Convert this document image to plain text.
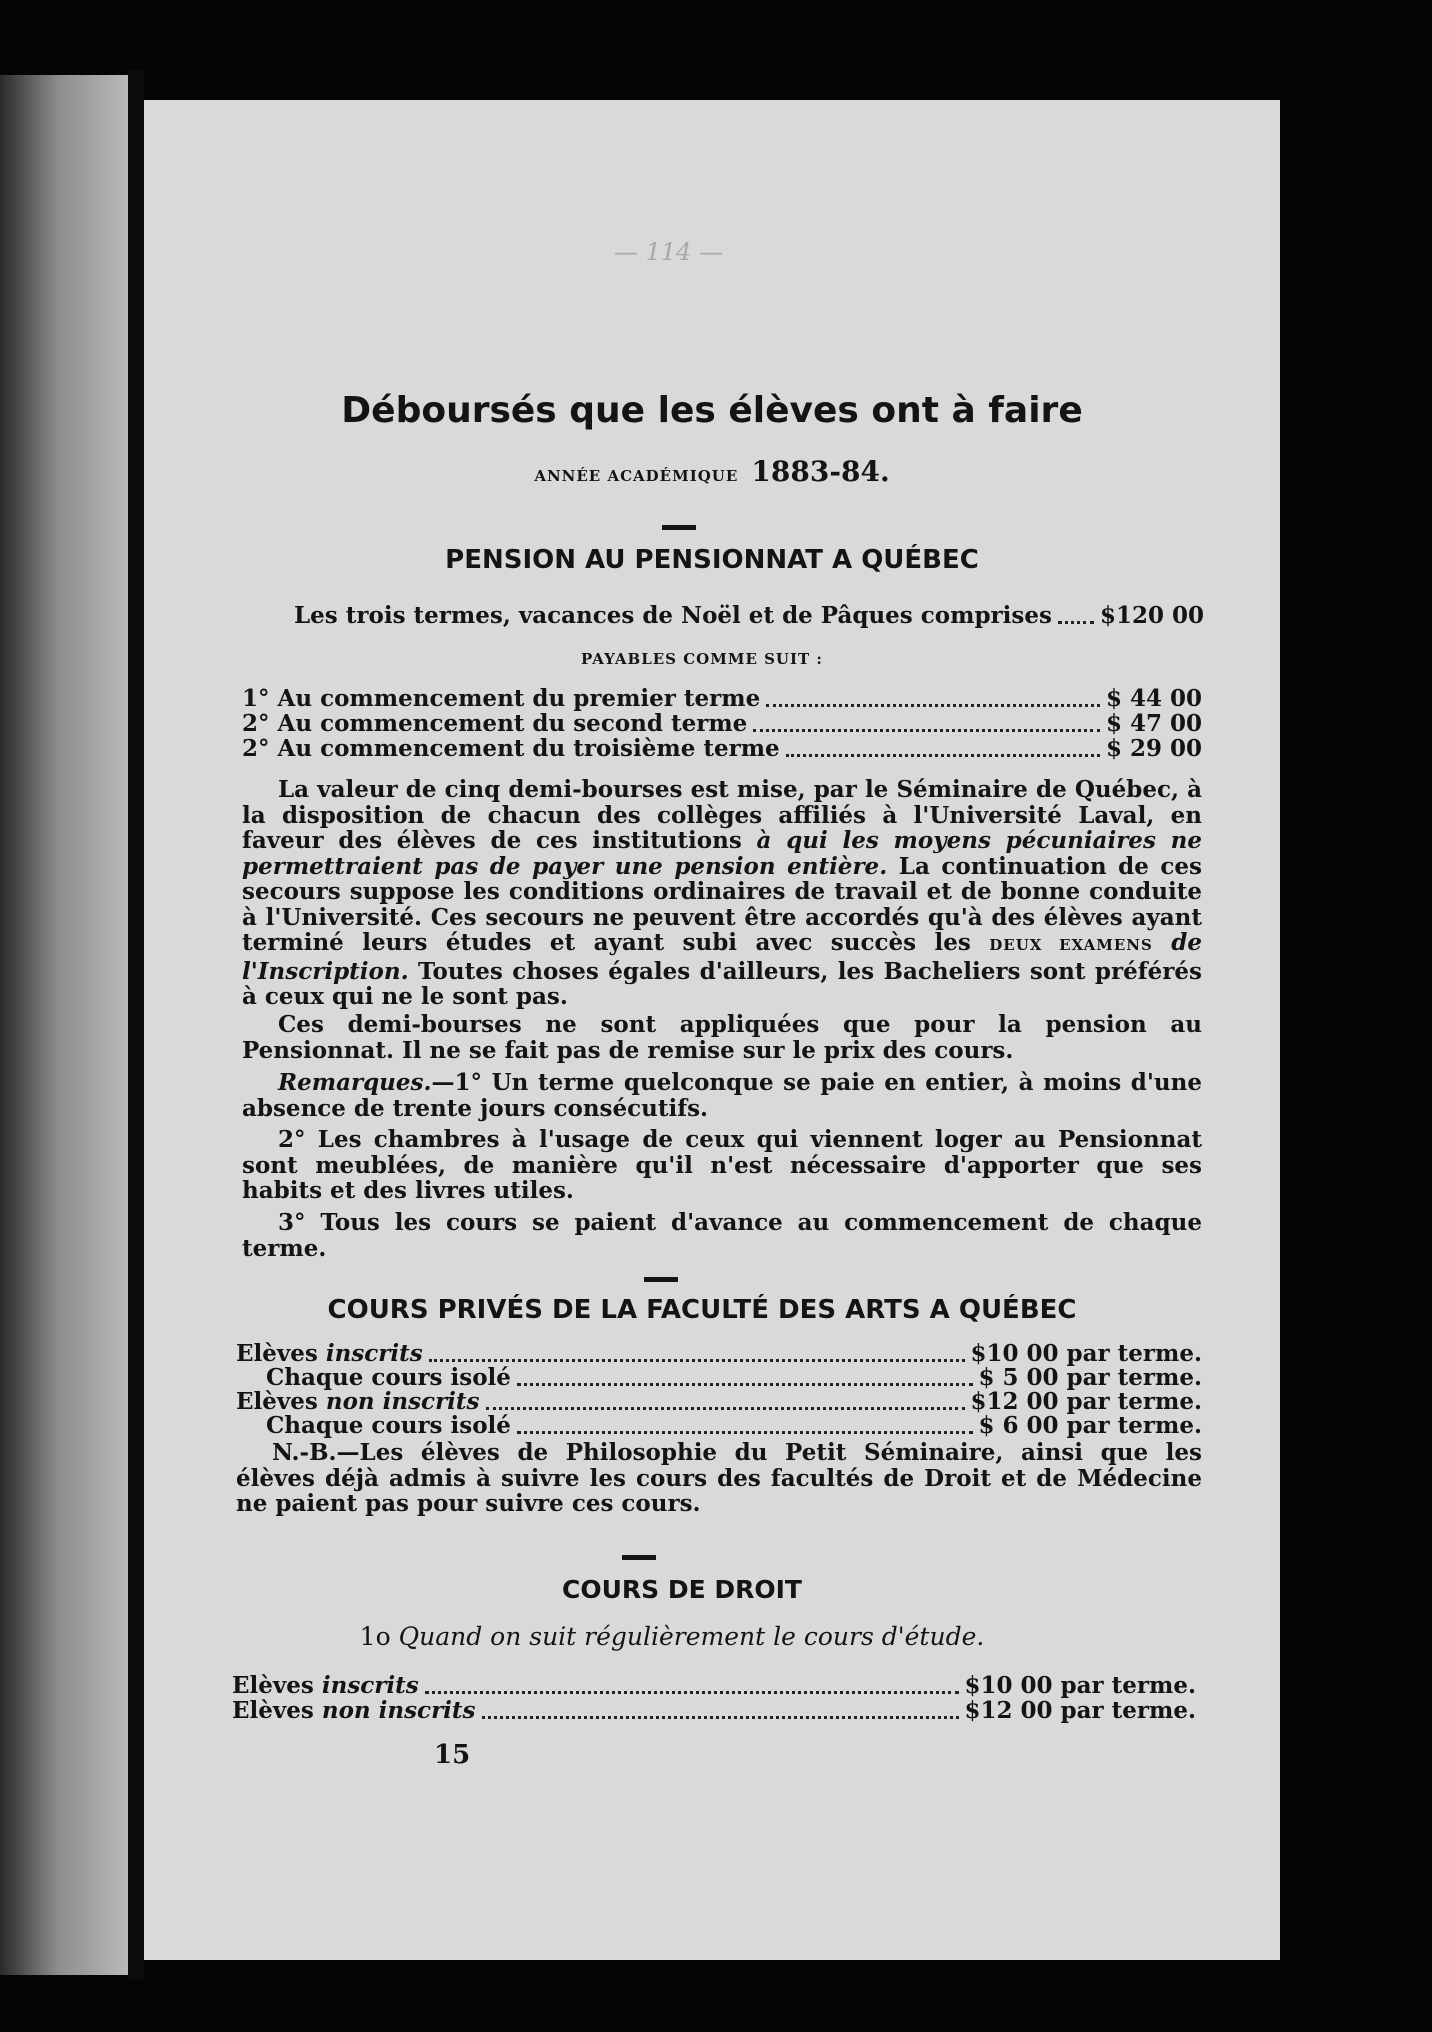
— 114 —
Déboursés que les élèves ont à faire
ANNÉE ACADÉMIQUE 1883-84.
PENSION AU PENSIONNAT A QUÉBEC
Les trois termes, vacances de Noël et de Pâques comprises $120 00
PAYABLES COMME SUIT :
1° Au commencement du premier terme	$ 44 00
2° Au commencement du second terme	$ 47 00
2° Au commencement du troisième terme	$ 29 00
La valeur de cinq demi-bourses est mise, par le Séminaire de Québec, à la disposition de chacun des collèges affiliés à l'Université Laval, en faveur des élèves de ces institutions à qui les moyens pécuniaires ne permettraient pas de payer une pension entière. La continuation de ces secours suppose les conditions ordinaires de travail et de bonne conduite à l'Université. Ces secours ne peuvent être accordés qu'à des élèves ayant terminé leurs études et ayant subi avec succès les DEUX EXAMENS de l'Inscription. Toutes choses égales d'ailleurs, les Bacheliers sont préférés à ceux qui ne le sont pas.
Ces demi-bourses ne sont appliquées que pour la pension au Pensionnat. Il ne se fait pas de remise sur le prix des cours.
Remarques.—1° Un terme quelconque se paie en entier, à moins d'une absence de trente jours consécutifs.
2° Les chambres à l'usage de ceux qui viennent loger au Pensionnat sont meublées, de manière qu'il n'est nécessaire d'apporter que ses habits et des livres utiles.
3° Tous les cours se paient d'avance au commencement de chaque terme.
COURS PRIVÉS DE LA FACULTÉ DES ARTS A QUÉBEC
Elèves inscrits	$10 00 par terme.
Chaque cours isolé	$ 5 00 par terme.
Elèves non inscrits	$12 00 par terme.
Chaque cours isolé	$ 6 00 par terme.
N.-B.—Les élèves de Philosophie du Petit Séminaire, ainsi que les élèves déjà admis à suivre les cours des facultés de Droit et de Médecine ne paient pas pour suivre ces cours.
COURS DE DROIT
1o Quand on suit régulièrement le cours d'étude.
Elèves inscrits	$10 00 par terme.
Elèves non inscrits	$12 00 par terme.
15
